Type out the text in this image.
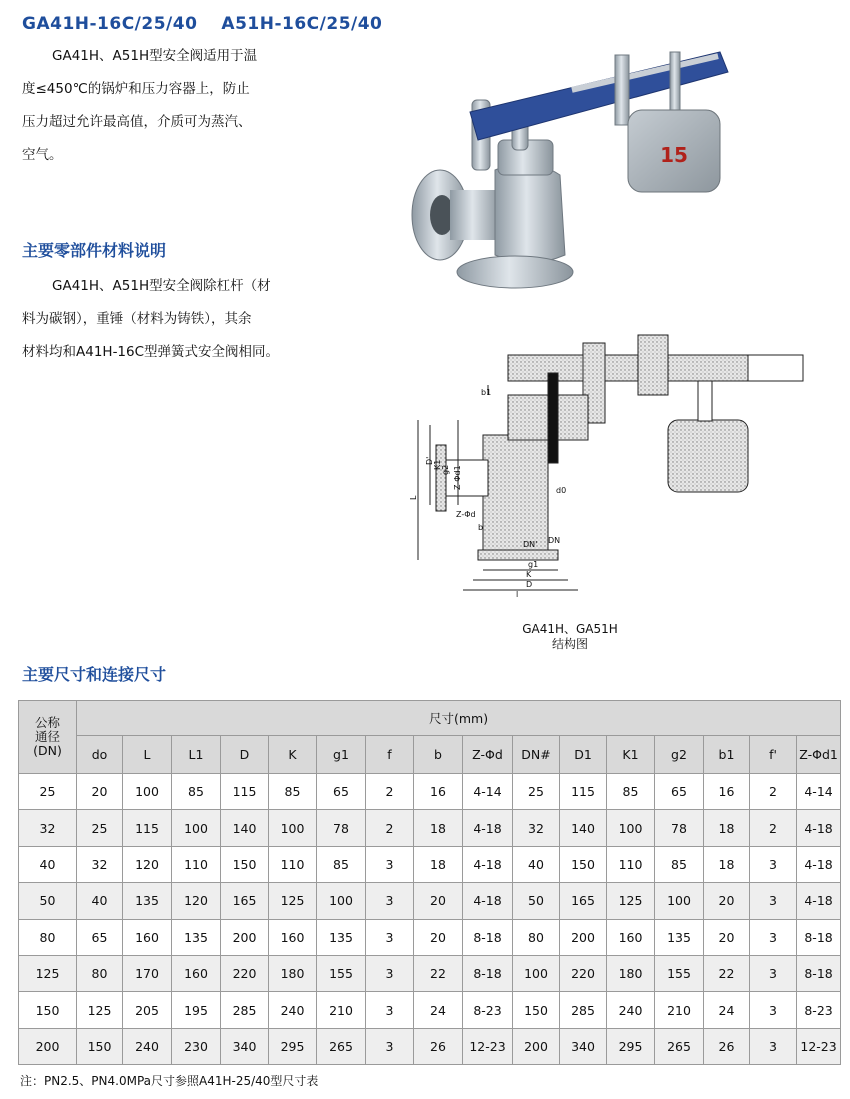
GA41H-16C/25/40 A51H-16C/25/40
GA41H、A51H型安全阀适用于温
度≤450℃的锅炉和压力容器上，防止
压力超过允许最高值，介质可为蒸汽、
空气。
主要零部件材料说明
GA41H、A51H型安全阀除杠杆（材
料为碳钢），重锤（材料为铸铁），其余
材料均和A41H-16C型弹簧式安全阀相同。
15
b1
d0
DN
Z-Φd1
Z-Φd
b
g2
K1
D'
g1
DN'
K
D
L
l
GA41H、GA51H
结构图
主要尺寸和连接尺寸
公称
通径
(DN)	尺寸(mm)															
	do	L	L1	D	K	g1	f	b	Z-Φd	DN#	D1	K1	g2	b1	f'	Z-Φd1
25	20	100	85	115	85	65	2	16	4-14	25	115	85	65	16	2	4-14
32	25	115	100	140	100	78	2	18	4-18	32	140	100	78	18	2	4-18
40	32	120	110	150	110	85	3	18	4-18	40	150	110	85	18	3	4-18
50	40	135	120	165	125	100	3	20	4-18	50	165	125	100	20	3	4-18
80	65	160	135	200	160	135	3	20	8-18	80	200	160	135	20	3	8-18
125	80	170	160	220	180	155	3	22	8-18	100	220	180	155	22	3	8-18
150	125	205	195	285	240	210	3	24	8-23	150	285	240	210	24	3	8-23
200	150	240	230	340	295	265	3	26	12-23	200	340	295	265	26	3	12-23
注：PN2.5、PN4.0MPa尺寸参照A41H-25/40型尺寸表
